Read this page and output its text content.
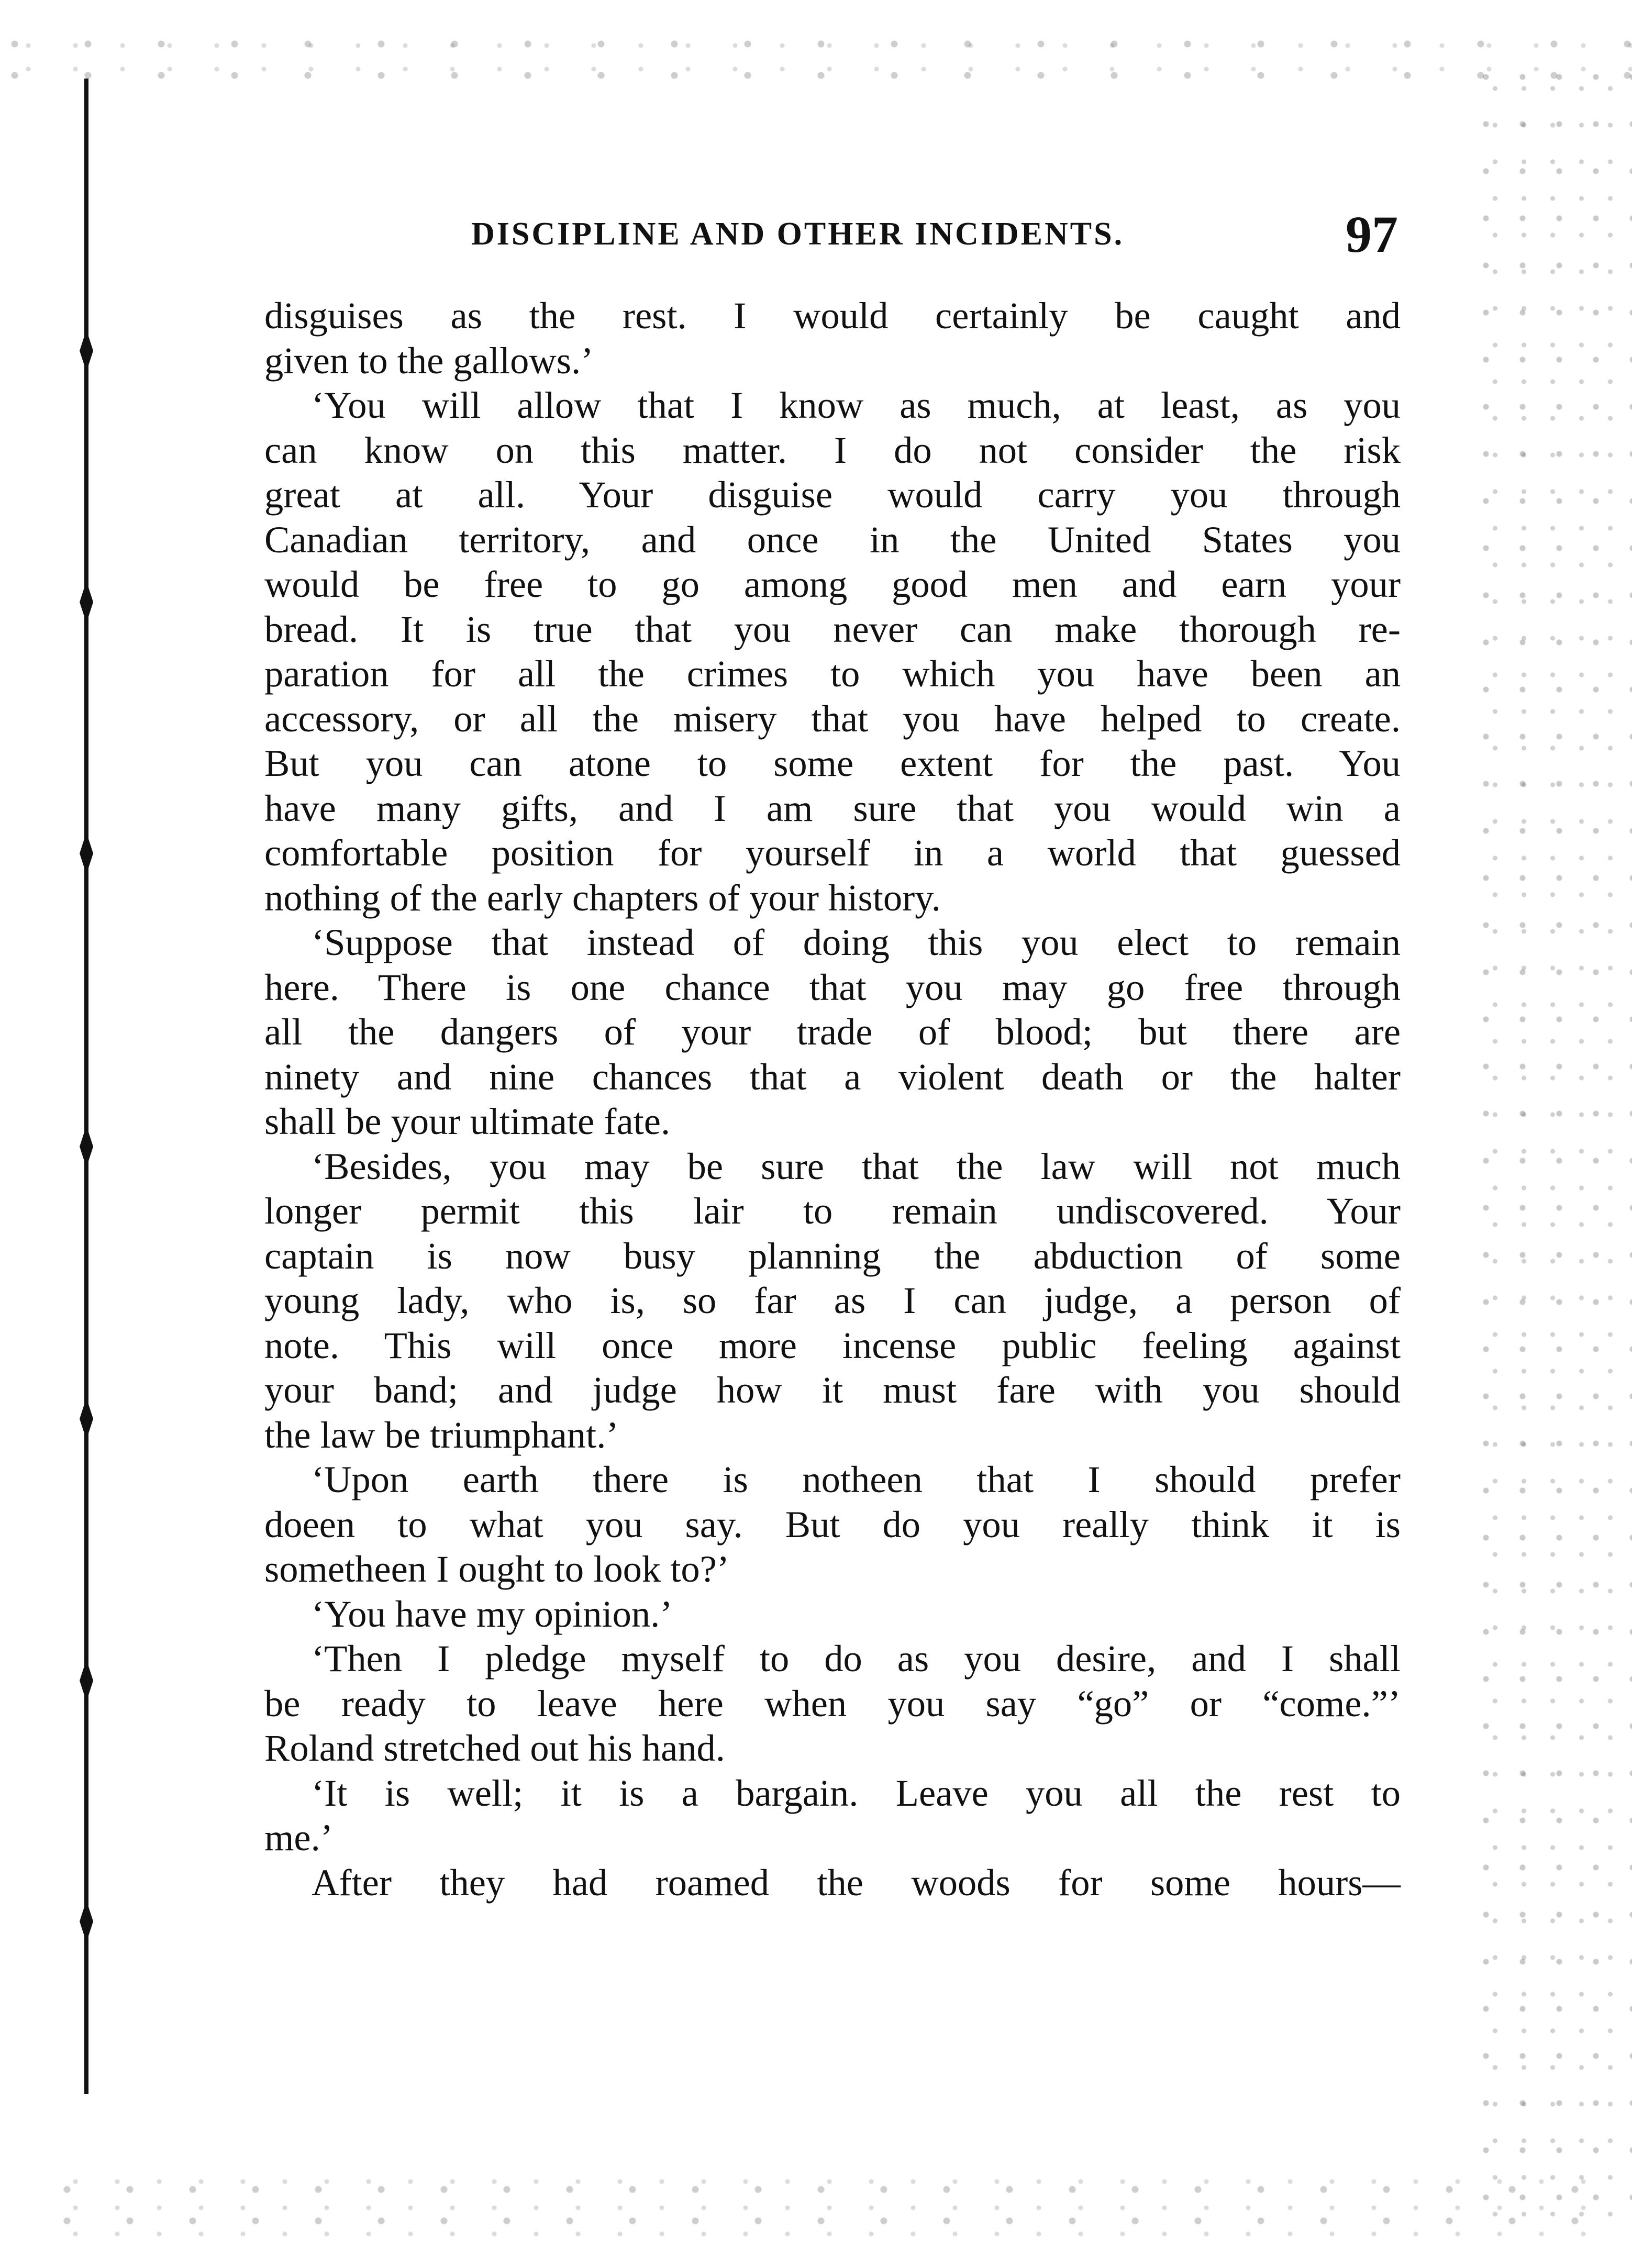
DISCIPLINE AND OTHER INCIDENTS.	97
disguises as the rest. I would certainly be caught and
given to the gallows.’
‘You will allow that I know as much, at least, as you
can know on this matter. I do not consider the risk
great at all. Your disguise would carry you through
Canadian territory, and once in the United States you
would be free to go among good men and earn your
bread. It is true that you never can make thorough re-
paration for all the crimes to which you have been an
accessory, or all the misery that you have helped to create.
But you can atone to some extent for the past. You
have many gifts, and I am sure that you would win a
comfortable position for yourself in a world that guessed
nothing of the early chapters of your history.
‘Suppose that instead of doing this you elect to remain
here. There is one chance that you may go free through
all the dangers of your trade of blood; but there are
ninety and nine chances that a violent death or the halter
shall be your ultimate fate.
‘Besides, you may be sure that the law will not much
longer permit this lair to remain undiscovered. Your
captain is now busy planning the abduction of some
young lady, who is, so far as I can judge, a person of
note. This will once more incense public feeling against
your band; and judge how it must fare with you should
the law be triumphant.’
‘Upon earth there is notheen that I should prefer
doeen to what you say. But do you really think it is
somethееn I ought to look to?’
‘You have my opinion.’
‘Then I pledge myself to do as you desire, and I shall
be ready to leave here when you say “go” or “come.”’
Roland stretched out his hand.
‘It is well; it is a bargain. Leave you all the rest to
me.’
After they had roamed the woods for some hours—
